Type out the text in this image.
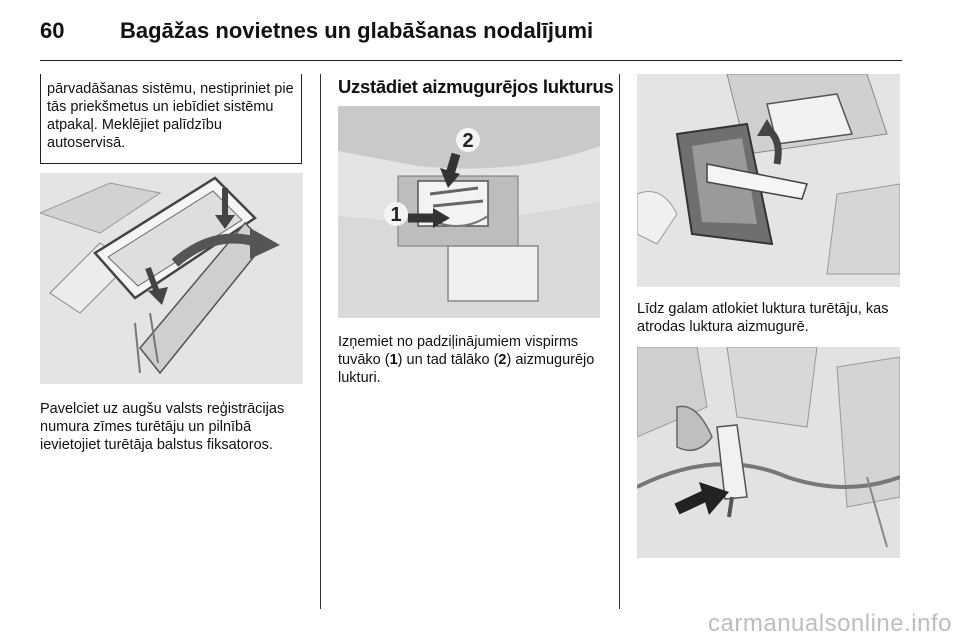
60	Bagāžas novietnes un glabāšanas nodalījumi
pārvadāšanas sistēmu, nestipriniet pie tās priekšmetus un iebīdiet sistēmu atpakaļ. Meklējiet palīdzību autoservisā.
Pavelciet uz augšu valsts reģistrācijas numura zīmes turētāju un pilnībā ievietojiet turētāja balstus fiksatoros.
Uzstādiet aizmugurējos lukturus
1
2
Izņemiet no padziļinājumiem vispirms tuvāko (1) un tad tālāko (2) aizmugurējo lukturi.
Līdz galam atlokiet luktura turētāju, kas atrodas luktura aizmugurē.
carmanualsonline.info
